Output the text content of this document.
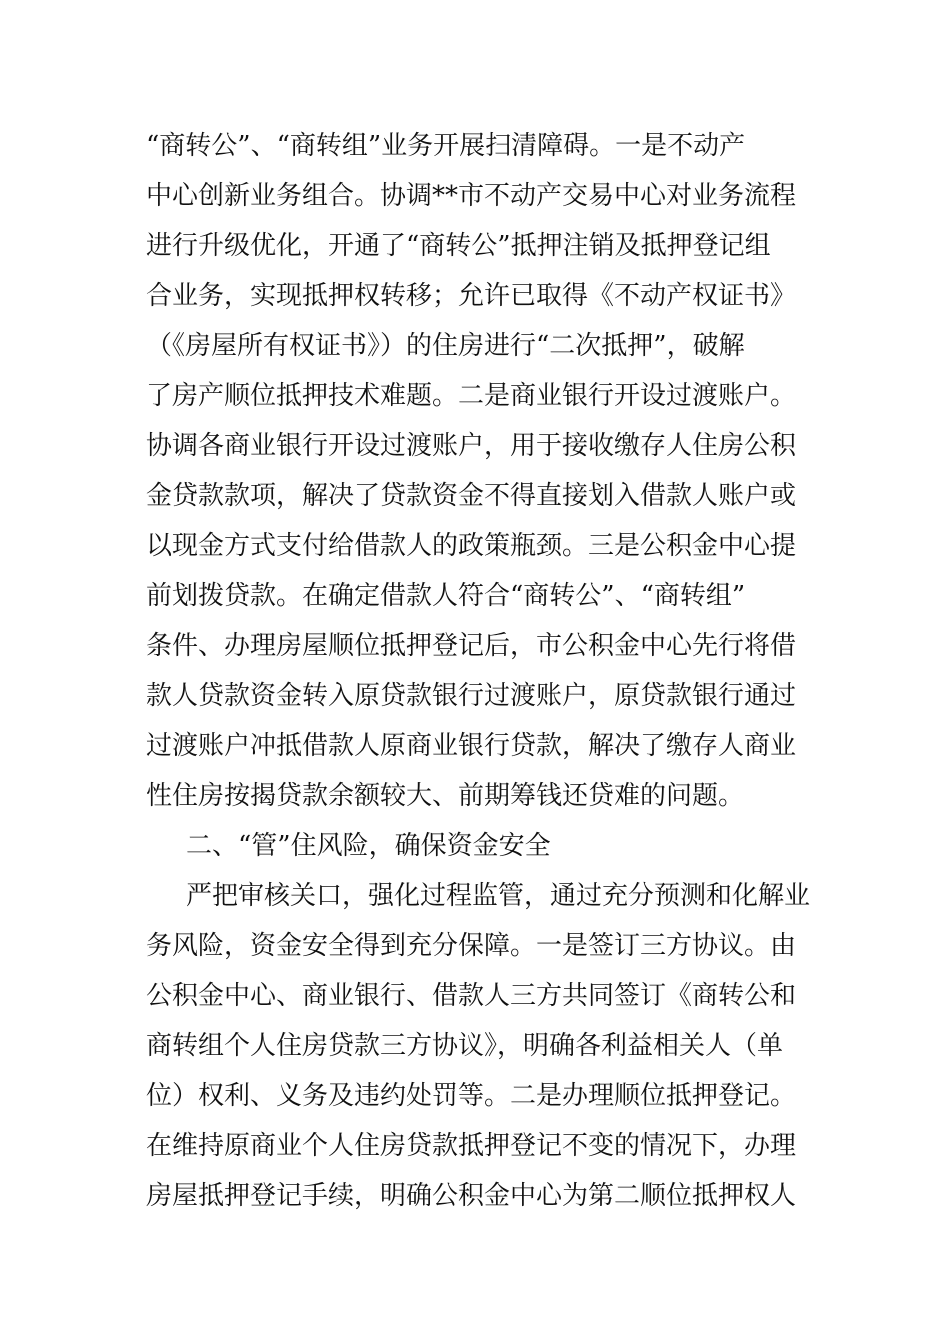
“商转公”、“商转组”业务开展扫清障碍。一是不动产
中心创新业务组合。协调**市不动产交易中心对业务流程
进行升级优化，开通了“商转公”抵押注销及抵押登记组
合业务，实现抵押权转移；允许已取得《不动产权证书》
（《房屋所有权证书》）的住房进行“二次抵押”，破解
了房产顺位抵押技术难题。二是商业银行开设过渡账户。
协调各商业银行开设过渡账户，用于接收缴存人住房公积
金贷款款项，解决了贷款资金不得直接划入借款人账户或
以现金方式支付给借款人的政策瓶颈。三是公积金中心提
前划拨贷款。在确定借款人符合“商转公”、“商转组”
条件、办理房屋顺位抵押登记后，市公积金中心先行将借
款人贷款资金转入原贷款银行过渡账户，原贷款银行通过
过渡账户冲抵借款人原商业银行贷款，解决了缴存人商业
性住房按揭贷款余额较大、前期筹钱还贷难的问题。
二、“管”住风险，确保资金安全
严把审核关口，强化过程监管，通过充分预测和化解业
务风险，资金安全得到充分保障。一是签订三方协议。由
公积金中心、商业银行、借款人三方共同签订《商转公和
商转组个人住房贷款三方协议》，明确各利益相关人（单
位）权利、义务及违约处罚等。二是办理顺位抵押登记。
在维持原商业个人住房贷款抵押登记不变的情况下，办理
房屋抵押登记手续，明确公积金中心为第二顺位抵押权人
